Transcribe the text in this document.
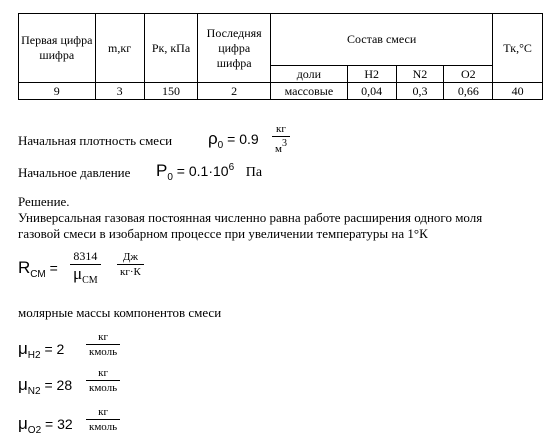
Первая цифра шифра	m,кг	Рк, кПа	Последняя цифра шифра	Состав смеси				Тк,°С
				доли	Н2	N2	О2	
9	3	150	2	массовые	0,04	0,3	0,66	40
Начальная плотность смеси $\rho_0 = 0.9$
кг
$м^3$
Начальное давление $P_0 = 0.1\cdot 10^6$ Па
Решение.
Универсальная газовая постоянная численно равна работе расширения одного моля
газовой смеси в изобарном процессе при увеличении температуры на 1°К
$R_{СМ}$ =
8314
$\mu_{СМ}$
Дж
кг·К
молярные массы компонентов смеси
$\mu_{H2} = 2$
кг
кмоль
$\mu_{N2} = 28$
кг
кмоль
$\mu_{O2} = 32$
кг
кмоль
